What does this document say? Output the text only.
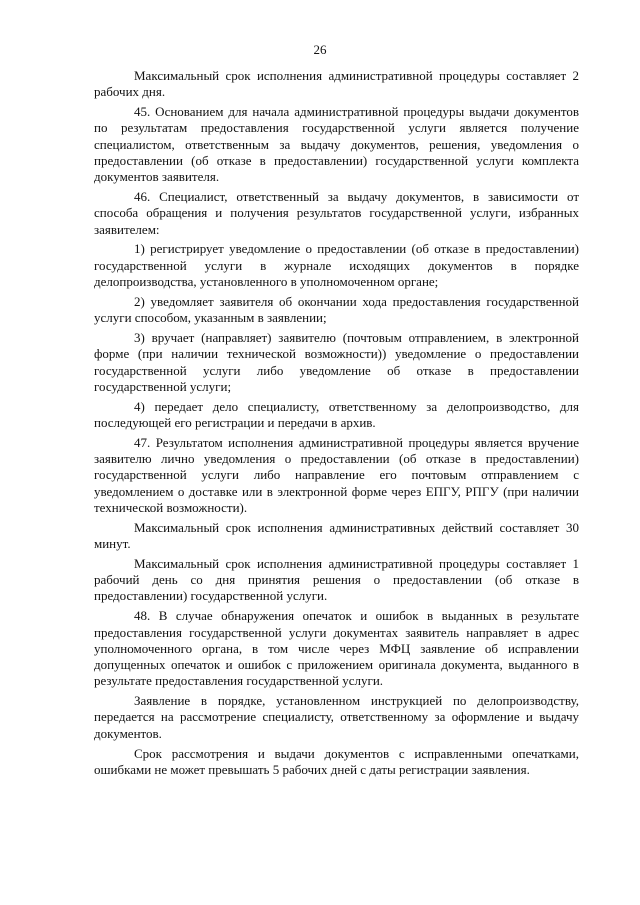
26

Максимальный срок исполнения административной процедуры составляет 2 рабочих дня.

45. Основанием для начала административной процедуры выдачи документов по результатам предоставления государственной услуги является получение специалистом, ответственным за выдачу документов, решения, уведомления о предоставлении (об отказе в предоставлении) государственной услуги комплекта документов заявителя.

46. Специалист, ответственный за выдачу документов, в зависимости от способа обращения и получения результатов государственной услуги, избранных заявителем:

1) регистрирует уведомление о предоставлении (об отказе в предоставлении) государственной услуги в журнале исходящих документов в порядке делопроизводства, установленного в уполномоченном органе;

2) уведомляет заявителя об окончании хода предоставления государственной услуги способом, указанным в заявлении;

3) вручает (направляет) заявителю (почтовым отправлением, в электронной форме (при наличии технической возможности)) уведомление о предоставлении государственной услуги либо уведомление об отказе в предоставлении государственной услуги;

4) передает дело специалисту, ответственному за делопроизводство, для последующей его регистрации и передачи в архив.

47. Результатом исполнения административной процедуры является вручение заявителю лично уведомления о предоставлении (об отказе в предоставлении) государственной услуги либо направление его почтовым отправлением с уведомлением о доставке или в электронной форме через ЕПГУ, РПГУ (при наличии технической возможности).

Максимальный срок исполнения административных действий составляет 30 минут.

Максимальный срок исполнения административной процедуры составляет 1 рабочий день со дня принятия решения о предоставлении (об отказе в предоставлении) государственной услуги.

48. В случае обнаружения опечаток и ошибок в выданных в результате предоставления государственной услуги документах заявитель направляет в адрес уполномоченного органа, в том числе через МФЦ заявление об исправлении допущенных опечаток и ошибок с приложением оригинала документа, выданного в результате предоставления государственной услуги.

Заявление в порядке, установленном инструкцией по делопроизводству, передается на рассмотрение специалисту, ответственному за оформление и выдачу документов.

Срок рассмотрения и выдачи документов с исправленными опечатками, ошибками не может превышать 5 рабочих дней с даты регистрации заявления.
